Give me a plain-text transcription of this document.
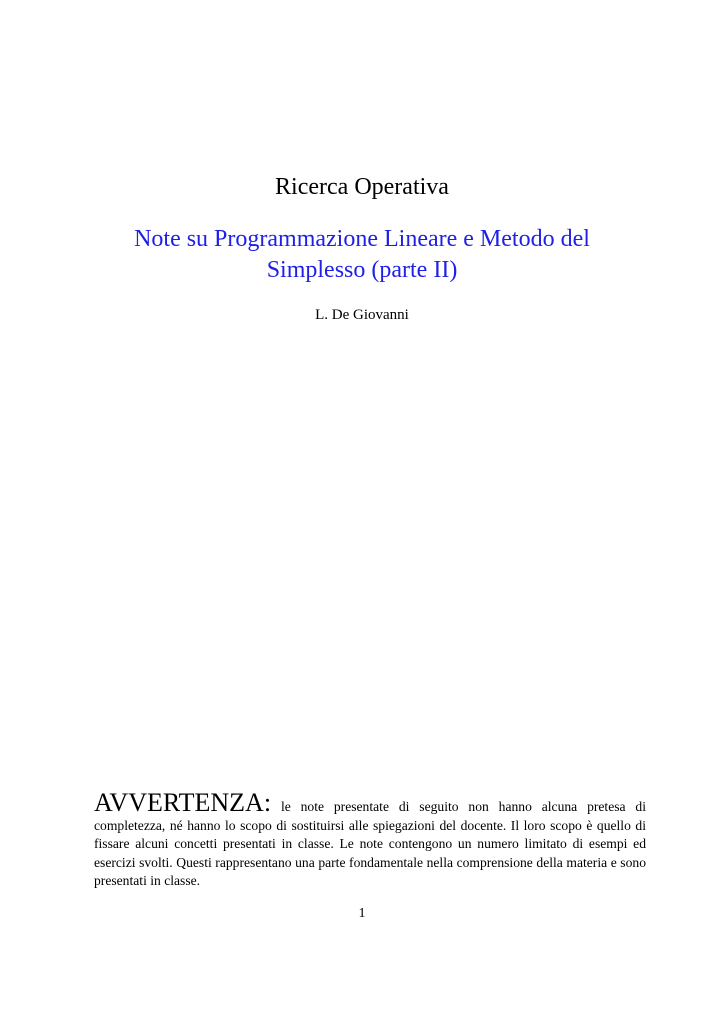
Ricerca Operativa
Note su Programmazione Lineare e Metodo del Simplesso (parte II)
L. De Giovanni
AVVERTENZA: le note presentate di seguito non hanno alcuna pretesa di completezza, né hanno lo scopo di sostituirsi alle spiegazioni del docente. Il loro scopo è quello di fissare alcuni concetti presentati in classe. Le note contengono un numero limitato di esempi ed esercizi svolti. Questi rappresentano una parte fondamentale nella comprensione della materia e sono presentati in classe.
1
